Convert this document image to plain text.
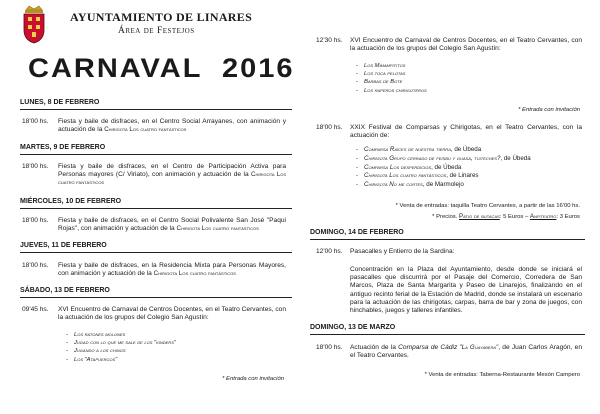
AYUNTAMIENTO DE LINARES
Área de Festejos
CARNAVAL  2016
LUNES, 8 DE FEBRERO
18'00 hs. Fiesta y baile de disfraces, en el Centro Social Arrayanes, con animación y actuación de la Chirigota Los cuatro fantásticos
MARTES, 9 DE FEBRERO
18'00 hs. Fiesta y baile de disfraces, en el Centro de Participación Activa para Personas mayores (C/ Viriato), con animación y actuación de la Chirigota Los cuatro fantásticos
MIÉRCOLES, 10 DE FEBRERO
18'00 hs. Fiesta y baile de disfraces, en el Centro Social Polivalente San José "Paqui Rojas", con animación y actuación de la Chirigota Los cuatro fantásticos
JUEVES, 11 DE FEBRERO
18'00 hs. Fiesta y baile de disfraces, en la Residencia Mixta para Personas Mayores, con animación y actuación de la Chirigota Los cuatro fantásticos
SÁBADO, 13 DE FEBRERO
09'45 hs. XVI Encuentro de Carnaval de Centros Docentes, en el Teatro Cervantes, con la actuación de los grupos del Colegio San Agustín:
- Los ratones molones
- Jugad con lo que me sale de los "kinders"
- Jugando a los chinos
- Los "Atapuercos"
* Entrada con invitación
12'30 hs. XVI Encuentro de Carnaval de Centros Docentes, en el Teatro Cervantes, con la actuación de los grupos del Colegio San Agustín:
- Los Mimampititos
- Los toca pelotas
- Barbas de Bote
- Los raperos chirigoteros
* Entrada con invitación
18'00 hs. XXIX Festival de Comparsas y Chirigotas, en el Teatro Cervantes, con la actuación de:
- Comparsa Raíces de nuestra tierra, de Úbeda
- Chirigota Grupo cerrado de feisbu y guasa, tuiteches?, de Úbeda
- Comparsa Los desperdicios, de Úbeda
- Chirigota Los cuatro fantásticos, de Linares
- Chirigota No me cortes, de Marmolejo
* Venta de entradas: taquilla Teatro Cervantes, a partir de las 16'00 hs.
* Precios. Patio de butacas: 5 Euros – Anfiteatro: 3 Euros
DOMINGO, 14 DE FEBRERO
12'00 hs. Pasacalles y Entierro de la Sardina:
Concentración en la Plaza del Ayuntamiento, desde donde se iniciará el pasacalles que discurrirá por el Pasaje del Comercio, Corredera de San Marcos, Plaza de Santa Margarita y Paseo de Linarejos, finalizando en el antiguo recinto ferial de la Estación de Madrid, donde se instalará un escenario para la actuación de las chirigotas, carpas, barra de bar y zona de juegos, con hinchables, juegos y talleres infantiles.
DOMINGO, 13 DE MARZO
18'00 hs. Actuación de la Comparsa de Cádiz "La Guayabera", de Juan Carlos Aragón, en el Teatro Cervantes.
* Venta de entradas: Taberna-Restaurante Mesón Campero
